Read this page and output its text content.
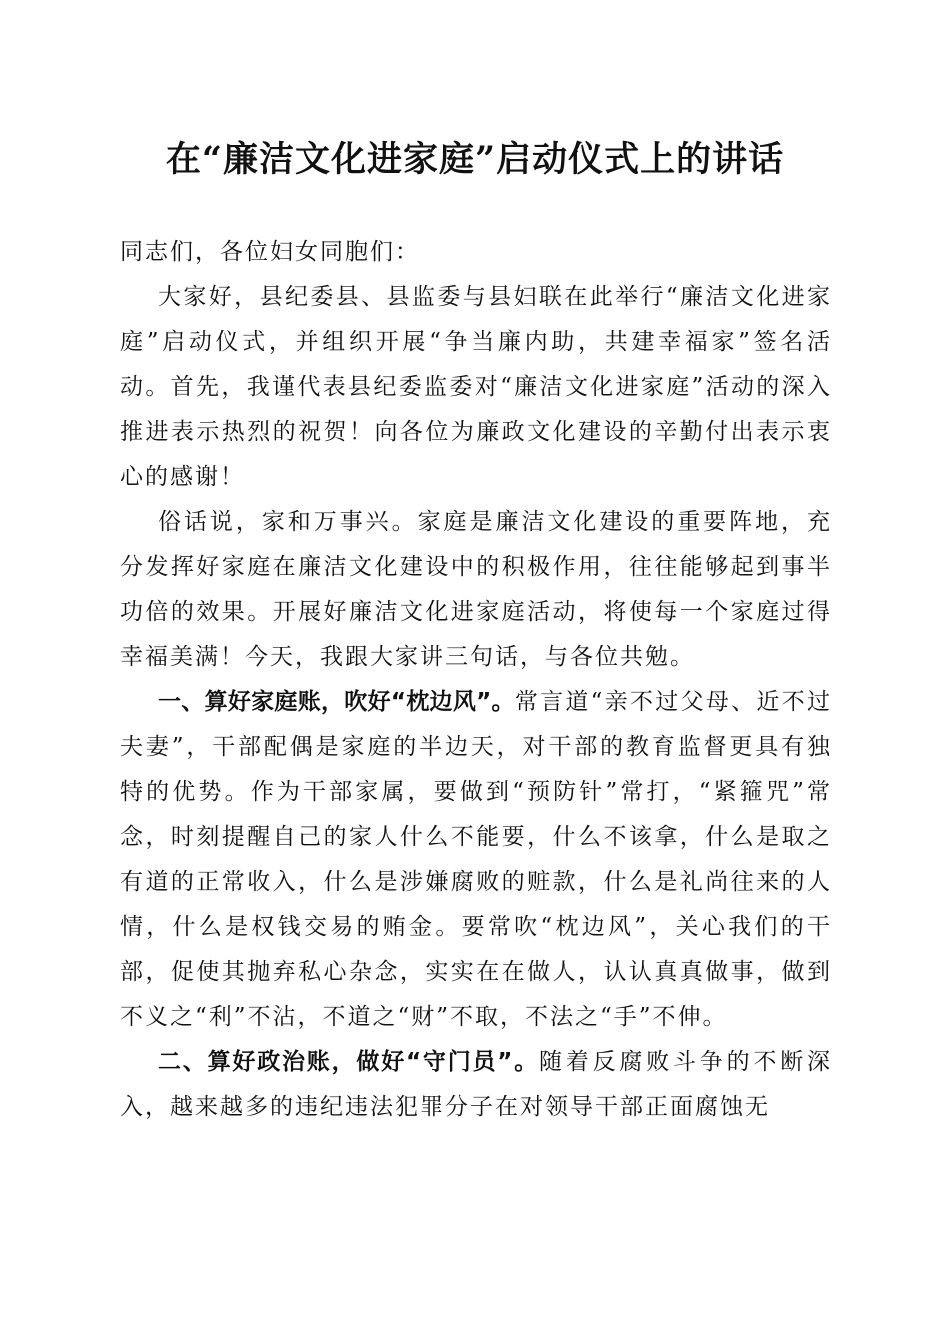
在“廉洁文化进家庭”启动仪式上的讲话

同志们，各位妇女同胞们：

大家好，县纪委县、县监委与县妇联在此举行“廉洁文化进家庭”启动仪式，并组织开展“争当廉内助，共建幸福家”签名活动。首先，我谨代表县纪委监委对“廉洁文化进家庭”活动的深入推进表示热烈的祝贺！向各位为廉政文化建设的辛勤付出表示衷心的感谢！

俗话说，家和万事兴。家庭是廉洁文化建设的重要阵地，充分发挥好家庭在廉洁文化建设中的积极作用，往往能够起到事半功倍的效果。开展好廉洁文化进家庭活动，将使每一个家庭过得幸福美满！今天，我跟大家讲三句话，与各位共勉。

一、算好家庭账，吹好“枕边风”。常言道“亲不过父母、近不过夫妻”，干部配偶是家庭的半边天，对干部的教育监督更具有独特的优势。作为干部家属，要做到“预防针”常打，“紧箍咒”常念，时刻提醒自己的家人什么不能要，什么不该拿，什么是取之有道的正常收入，什么是涉嫌腐败的赃款，什么是礼尚往来的人情，什么是权钱交易的贿金。要常吹“枕边风”，关心我们的干部，促使其抛弃私心杂念，实实在在做人，认认真真做事，做到不义之“利”不沾，不道之“财”不取，不法之“手”不伸。

二、算好政治账，做好“守门员”。随着反腐败斗争的不断深入，越来越多的违纪违法犯罪分子在对领导干部正面腐蚀无
